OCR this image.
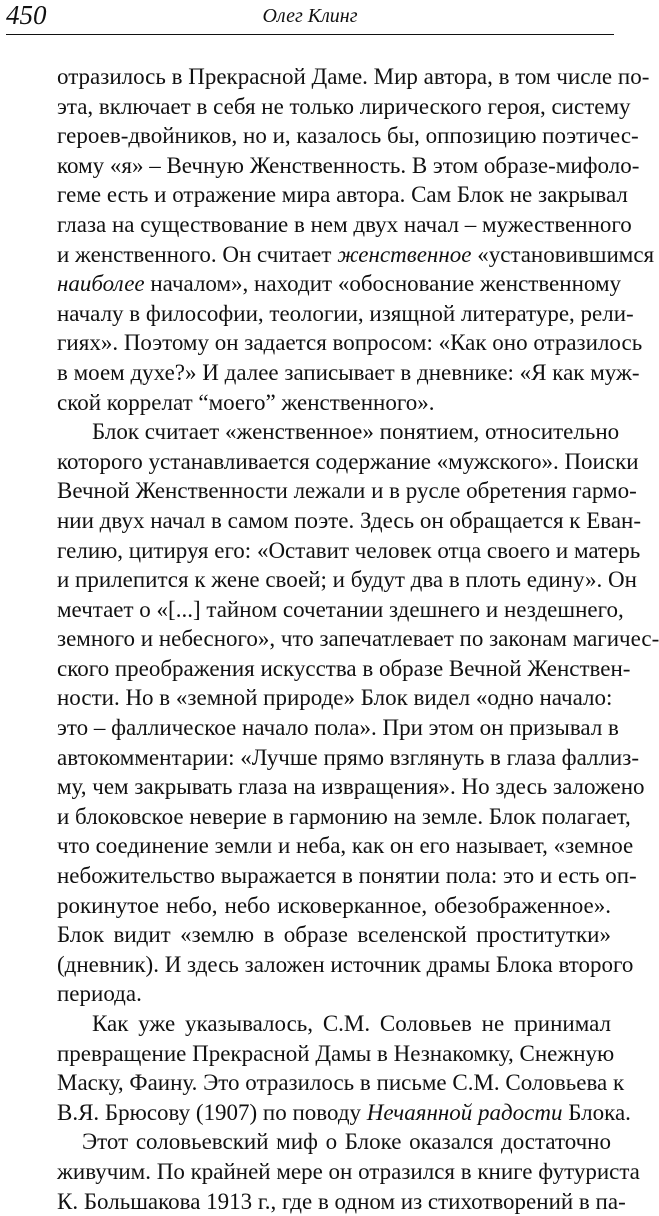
450	Олег Клинг
отразилось в Прекрасной Даме. Мир автора, в том числе по-
эта, включает в себя не только лирического героя, систему
героев-двойников, но и, казалось бы, оппозицию поэтичес-
кому «я» – Вечную Женственность. В этом образе-мифоло-
гемe есть и отражение мира автора. Сам Блок не закрывал
глаза на существование в нем двух начал – мужественного
и женственного. Он считает женственное «установившимся
наиболее началом», находит «обоснование женственному
началу в философии, теологии, изящной литературе, рели-
гиях». Поэтому он задается вопросом: «Как оно отразилось
в моем духе?» И далее записывает в дневнике: «Я как муж-
ской коррелат “моего” женственного».
Блок считает «женственное» понятием, относительно
которого устанавливается содержание «мужского». Поиски
Вечной Женственности лежали и в русле обретения гармо-
нии двух начал в самом поэте. Здесь он обращается к Еван-
гелию, цитируя его: «Оставит человек отца своего и матерь
и прилепится к жене своей; и будут два в плоть едину». Он
мечтает о «[...] тайном сочетании здешнего и нездешнего,
земного и небесного», что запечатлевает по законам магичес-
ского преображения искусства в образе Вечной Женствен-
ности. Но в «земной природе» Блок видел «одно начало:
это – фаллическое начало пола». При этом он призывал в
автокомментарии: «Лучше прямо взглянуть в глаза фаллиз-
му, чем закрывать глаза на извращения». Но здесь заложено
и блоковское неверие в гармонию на земле. Блок полагает,
что соединение земли и неба, как он его называет, «земное
небожительство выражается в понятии пола: это и есть оп-
рокинутое небо, небо исковерканное, обезображенное».
Блок видит «землю в образе вселенской проститутки»
(дневник). И здесь заложен источник драмы Блока второго
периода.
Как уже указывалось, С.М. Соловьев не принимал
превращение Прекрасной Дамы в Незнакомку, Снежную
Маску, Фаину. Это отразилось в письме С.М. Соловьева к
В.Я. Брюсову (1907) по поводу Нечаянной радости Блока.
Этот соловьевский миф о Блоке оказался достаточно
живучим. По крайней мере он отразился в книге футуриста
К. Большакова 1913 г., где в одном из стихотворений в па-
